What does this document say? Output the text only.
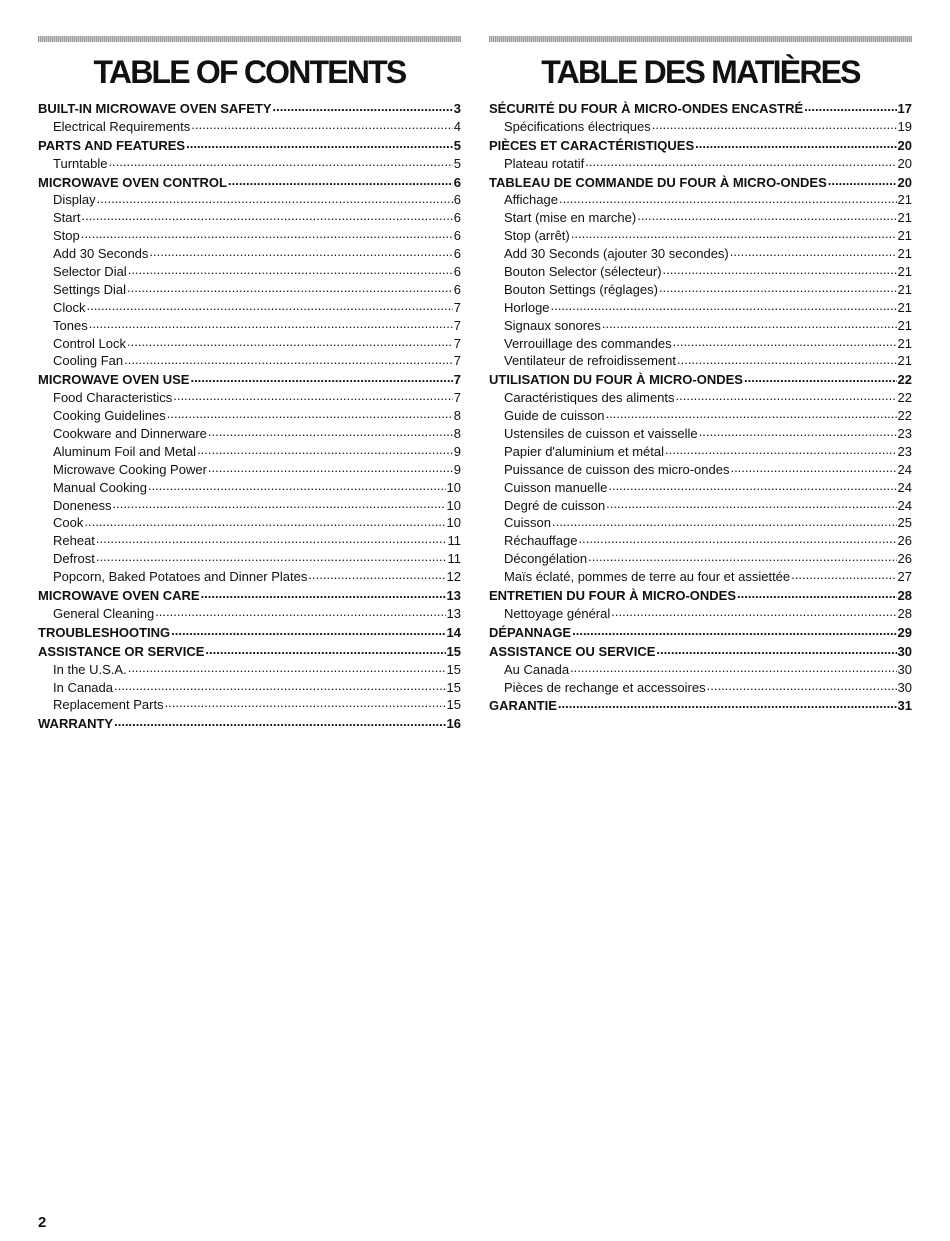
TABLE OF CONTENTS
BUILT-IN MICROWAVE OVEN SAFETY .....	3
Electrical Requirements .....	4
PARTS AND FEATURES .....	5
Turntable .....	5
MICROWAVE OVEN CONTROL .....	6
Display .....	6
Start .....	6
Stop .....	6
Add 30 Seconds .....	6
Selector Dial .....	6
Settings Dial .....	6
Clock .....	7
Tones .....	7
Control Lock .....	7
Cooling Fan .....	7
MICROWAVE OVEN USE .....	7
Food Characteristics .....	7
Cooking Guidelines .....	8
Cookware and Dinnerware .....	8
Aluminum Foil and Metal .....	9
Microwave Cooking Power .....	9
Manual Cooking .....	10
Doneness .....	10
Cook .....	10
Reheat .....	11
Defrost .....	11
Popcorn, Baked Potatoes and Dinner Plates .....	12
MICROWAVE OVEN CARE .....	13
General Cleaning .....	13
TROUBLESHOOTING .....	14
ASSISTANCE OR SERVICE .....	15
In the U.S.A. .....	15
In Canada .....	15
Replacement Parts .....	15
WARRANTY .....	16
TABLE DES MATIÈRES
SÉCURITÉ DU FOUR À MICRO-ONDES ENCASTRÉ .....	17
Spécifications électriques .....	19
PIÈCES ET CARACTÉRISTIQUES .....	20
Plateau rotatif .....	20
TABLEAU DE COMMANDE DU FOUR À MICRO-ONDES .....	20
Affichage .....	21
Start (mise en marche) .....	21
Stop (arrêt) .....	21
Add 30 Seconds (ajouter 30 secondes) .....	21
Bouton Selector (sélecteur) .....	21
Bouton Settings (réglages) .....	21
Horloge .....	21
Signaux sonores .....	21
Verrouillage des commandes .....	21
Ventilateur de refroidissement .....	21
UTILISATION DU FOUR À MICRO-ONDES .....	22
Caractéristiques des aliments .....	22
Guide de cuisson .....	22
Ustensiles de cuisson et vaisselle .....	23
Papier d'aluminium et métal .....	23
Puissance de cuisson des micro-ondes .....	24
Cuisson manuelle .....	24
Degré de cuisson .....	24
Cuisson .....	25
Réchauffage .....	26
Décongélation .....	26
Maïs éclaté, pommes de terre au four et assiettée .....	27
ENTRETIEN DU FOUR À MICRO-ONDES .....	28
Nettoyage général .....	28
DÉPANNAGE .....	29
ASSISTANCE OU SERVICE .....	30
Au Canada .....	30
Pièces de rechange et accessoires .....	30
GARANTIE .....	31
2
